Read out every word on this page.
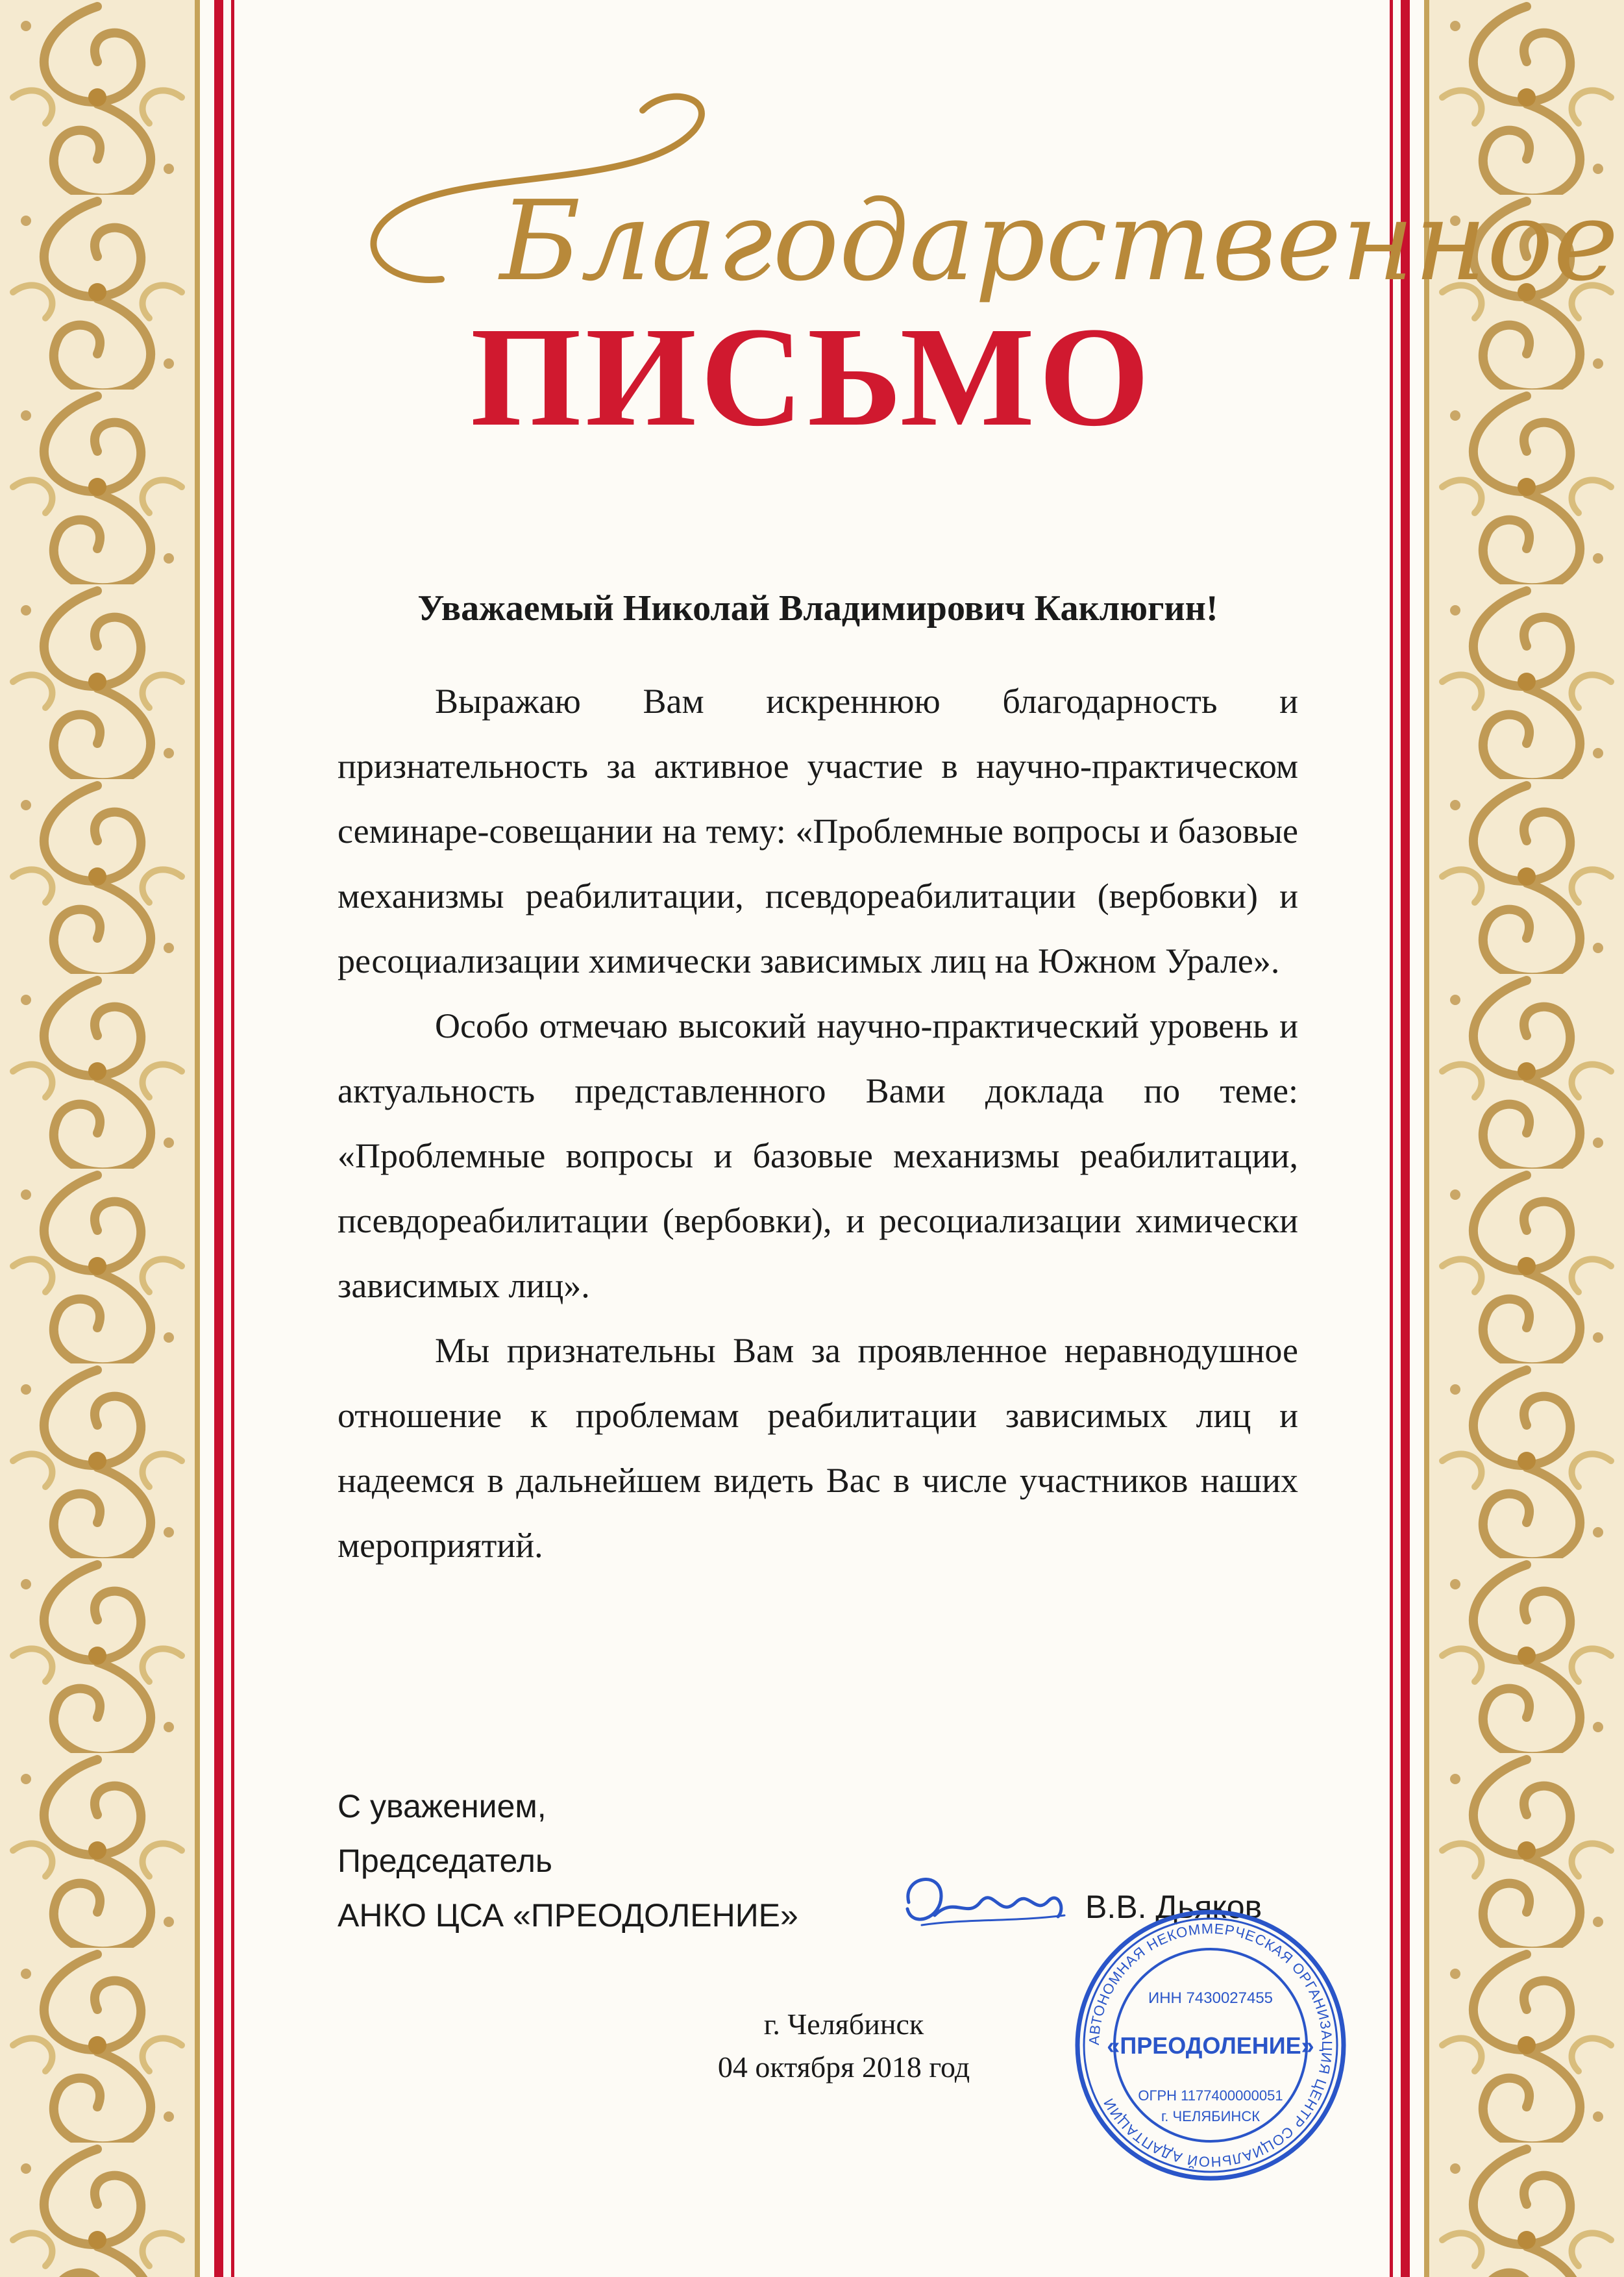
Благодарственное
ПИСЬМО
Уважаемый Николай Владимирович Каклюгин!

Выражаю Вам искреннюю благодарность и признательность за активное участие в научно-практическом семинаре-совещании на тему: «Проблемные вопросы и базовые механизмы реабилитации, псевдореабилитации (вербовки) и ресоциализации химически зависимых лиц на Южном Урале».

Особо отмечаю высокий научно-практический уровень и актуальность представленного Вами доклада по теме: «Проблемные вопросы и базовые механизмы реабилитации, псевдореабилитации (вербовки), и ресоциализации химически зависимых лиц».

Мы признательны Вам за проявленное неравнодушное отношение к проблемам реабилитации зависимых лиц и надеемся в дальнейшем видеть Вас в числе участников наших мероприятий.

С уважением,
Председатель
АНКО ЦСА «ПРЕОДОЛЕНИЕ»	В.В. Дьяков
г. Челябинск
04 октября 2018 год
АВТОНОМНАЯ НЕКОММЕРЧЕСКАЯ ОРГАНИЗАЦИЯ ЦЕНТР СОЦИАЛЬНОЙ АДАПТАЦИИ
ИНН 7430027455
«ПРЕОДОЛЕНИЕ»
ОГРН 1177400000051
г. ЧЕЛЯБИНСК
